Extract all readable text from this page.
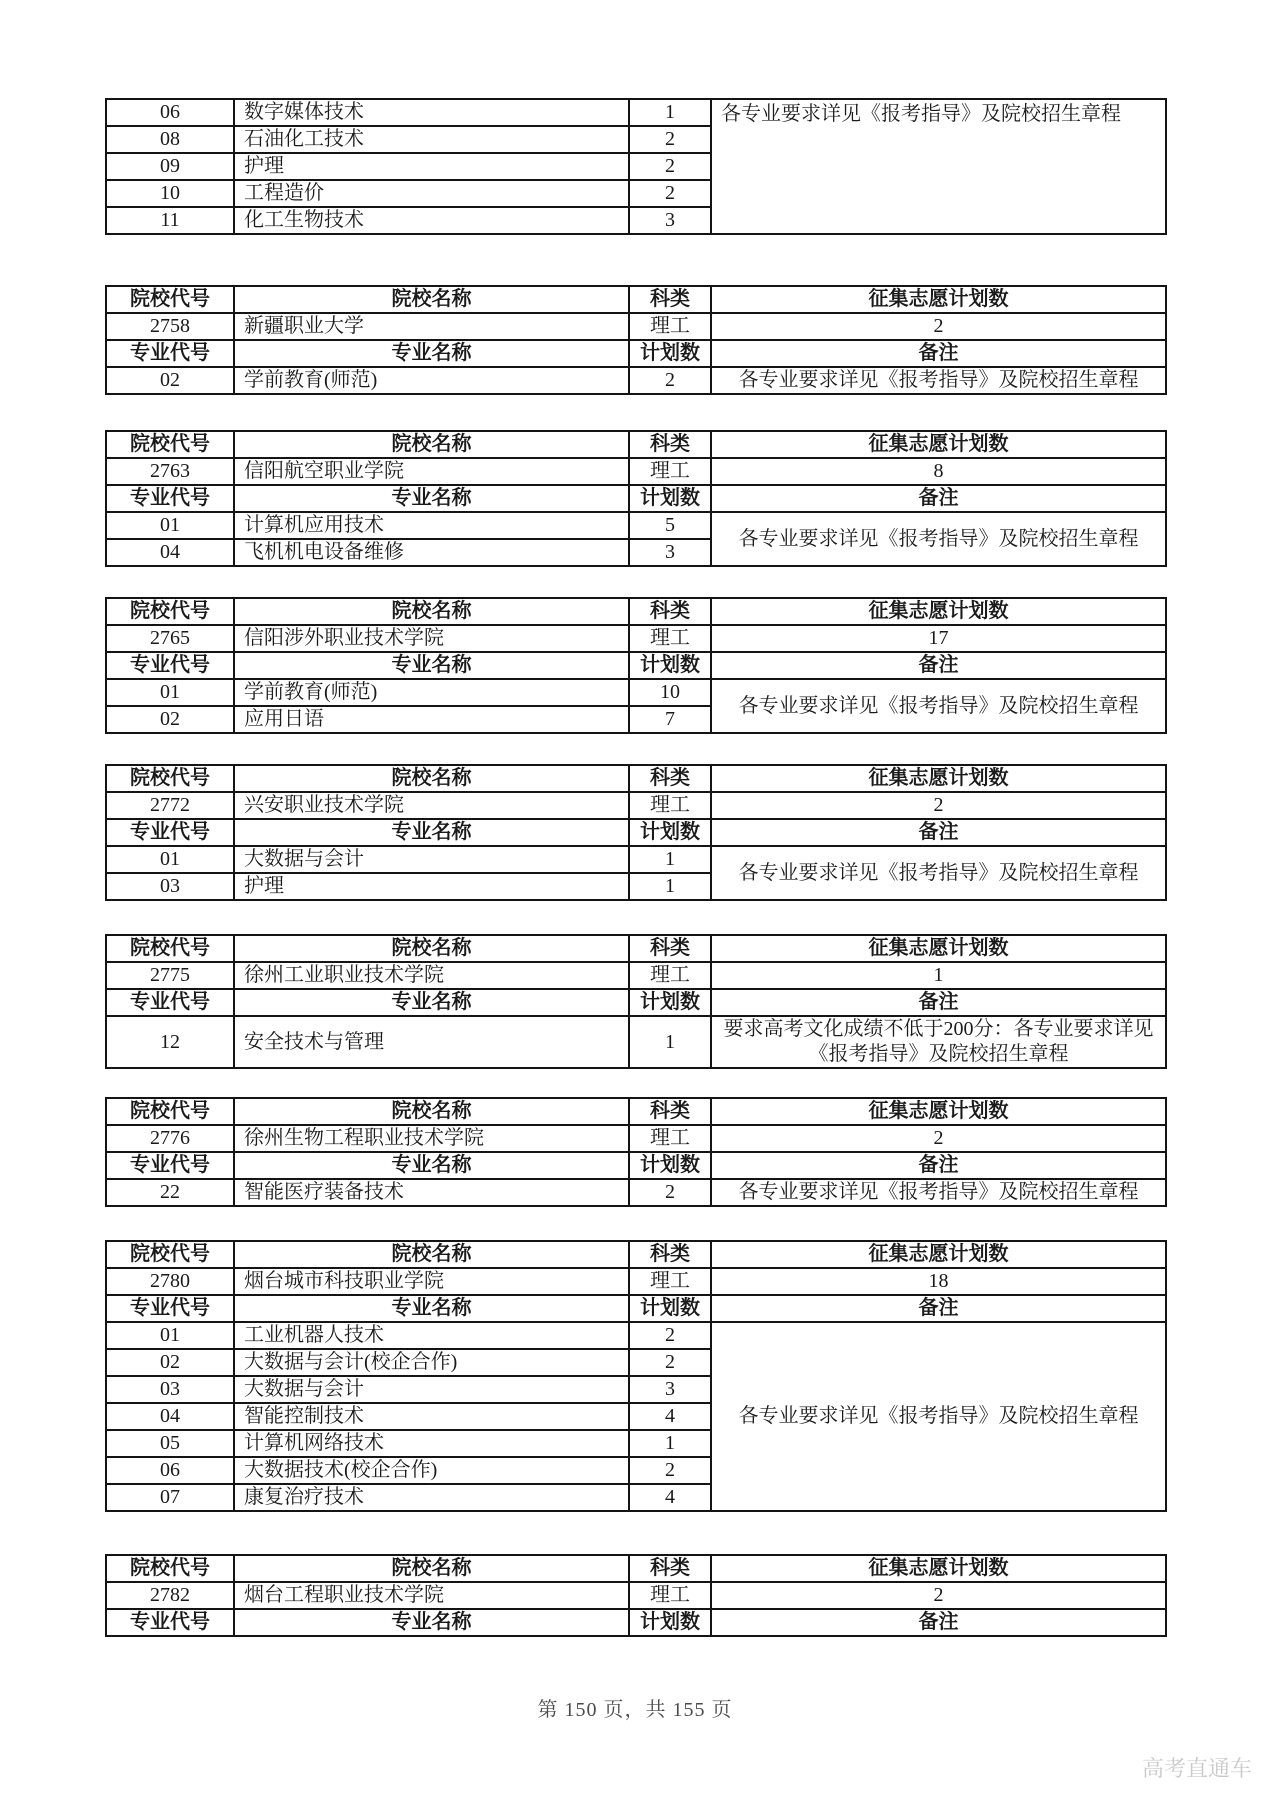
06	数字媒体技术	1	各专业要求详见《报考指导》及院校招生章程
08	石油化工技术	2	
09	护理	2	
10	工程造价	2	
11	化工生物技术	3	
院校代号	院校名称	科类	征集志愿计划数
2758	新疆职业大学	理工	2
专业代号	专业名称	计划数	备注
02	学前教育(师范)	2	各专业要求详见《报考指导》及院校招生章程
院校代号	院校名称	科类	征集志愿计划数
2763	信阳航空职业学院	理工	8
专业代号	专业名称	计划数	备注
01	计算机应用技术	5	各专业要求详见《报考指导》及院校招生章程
04	飞机机电设备维修	3	
院校代号	院校名称	科类	征集志愿计划数
2765	信阳涉外职业技术学院	理工	17
专业代号	专业名称	计划数	备注
01	学前教育(师范)	10	各专业要求详见《报考指导》及院校招生章程
02	应用日语	7	
院校代号	院校名称	科类	征集志愿计划数
2772	兴安职业技术学院	理工	2
专业代号	专业名称	计划数	备注
01	大数据与会计	1	各专业要求详见《报考指导》及院校招生章程
03	护理	1	
院校代号	院校名称	科类	征集志愿计划数
2775	徐州工业职业技术学院	理工	1
专业代号	专业名称	计划数	备注
12	安全技术与管理	1	要求高考文化成绩不低于200分：各专业要求详见《报考指导》及院校招生章程
院校代号	院校名称	科类	征集志愿计划数
2776	徐州生物工程职业技术学院	理工	2
专业代号	专业名称	计划数	备注
22	智能医疗装备技术	2	各专业要求详见《报考指导》及院校招生章程
院校代号	院校名称	科类	征集志愿计划数
2780	烟台城市科技职业学院	理工	18
专业代号	专业名称	计划数	备注
01	工业机器人技术	2	各专业要求详见《报考指导》及院校招生章程
02	大数据与会计(校企合作)	2	
03	大数据与会计	3	
04	智能控制技术	4	
05	计算机网络技术	1	
06	大数据技术(校企合作)	2	
07	康复治疗技术	4	
院校代号	院校名称	科类	征集志愿计划数
2782	烟台工程职业技术学院	理工	2
专业代号	专业名称	计划数	备注
第 150 页，共 155 页
高考直通车
